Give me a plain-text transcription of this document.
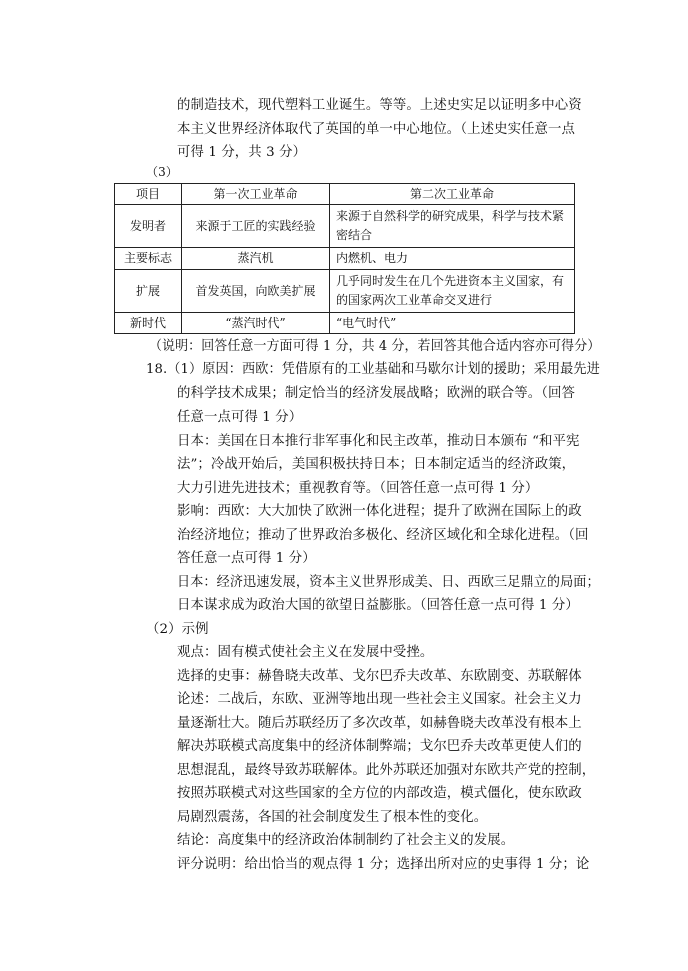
的制造技术，现代塑料工业诞生。等等。上述史实足以证明多中心资
本主义世界经济体取代了英国的单一中心地位。（上述史实任意一点
可得 1 分，共 3 分）
（3）
项目	第一次工业革命	第二次工业革命
发明者	来源于工匠的实践经验	来源于自然科学的研究成果，科学与技术紧密结合
主要标志	蒸汽机	内燃机、电力
扩展	首发英国，向欧美扩展	几乎同时发生在几个先进资本主义国家，有的国家两次工业革命交叉进行
新时代	“蒸汽时代”	“电气时代”
（说明：回答任意一方面可得 1 分，共 4 分，若回答其他合适内容亦可得分）
18.（1）原因：西欧：凭借原有的工业基础和马歇尔计划的援助；采用最先进
的科学技术成果；制定恰当的经济发展战略；欧洲的联合等。（回答
任意一点可得 1 分）
日本：美国在日本推行非军事化和民主改革，推动日本颁布 “和平宪
法”；冷战开始后，美国积极扶持日本；日本制定适当的经济政策，
大力引进先进技术；重视教育等。（回答任意一点可得 1 分）
影响：西欧：大大加快了欧洲一体化进程；提升了欧洲在国际上的政
治经济地位；推动了世界政治多极化、经济区域化和全球化进程。（回
答任意一点可得 1 分）
日本：经济迅速发展，资本主义世界形成美、日、西欧三足鼎立的局面；
日本谋求成为政治大国的欲望日益膨胀。（回答任意一点可得 1 分）
（2）示例
观点：固有模式使社会主义在发展中受挫。
选择的史事：赫鲁晓夫改革、戈尔巴乔夫改革、东欧剧变、苏联解体
论述：二战后，东欧、亚洲等地出现一些社会主义国家。社会主义力
量逐渐壮大。随后苏联经历了多次改革，如赫鲁晓夫改革没有根本上
解决苏联模式高度集中的经济体制弊端；戈尔巴乔夫改革更使人们的
思想混乱，最终导致苏联解体。此外苏联还加强对东欧共产党的控制，
按照苏联模式对这些国家的全方位的内部改造，模式僵化，使东欧政
局剧烈震荡，各国的社会制度发生了根本性的变化。
结论：高度集中的经济政治体制制约了社会主义的发展。
评分说明：给出恰当的观点得 1 分；选择出所对应的史事得 1 分；论
